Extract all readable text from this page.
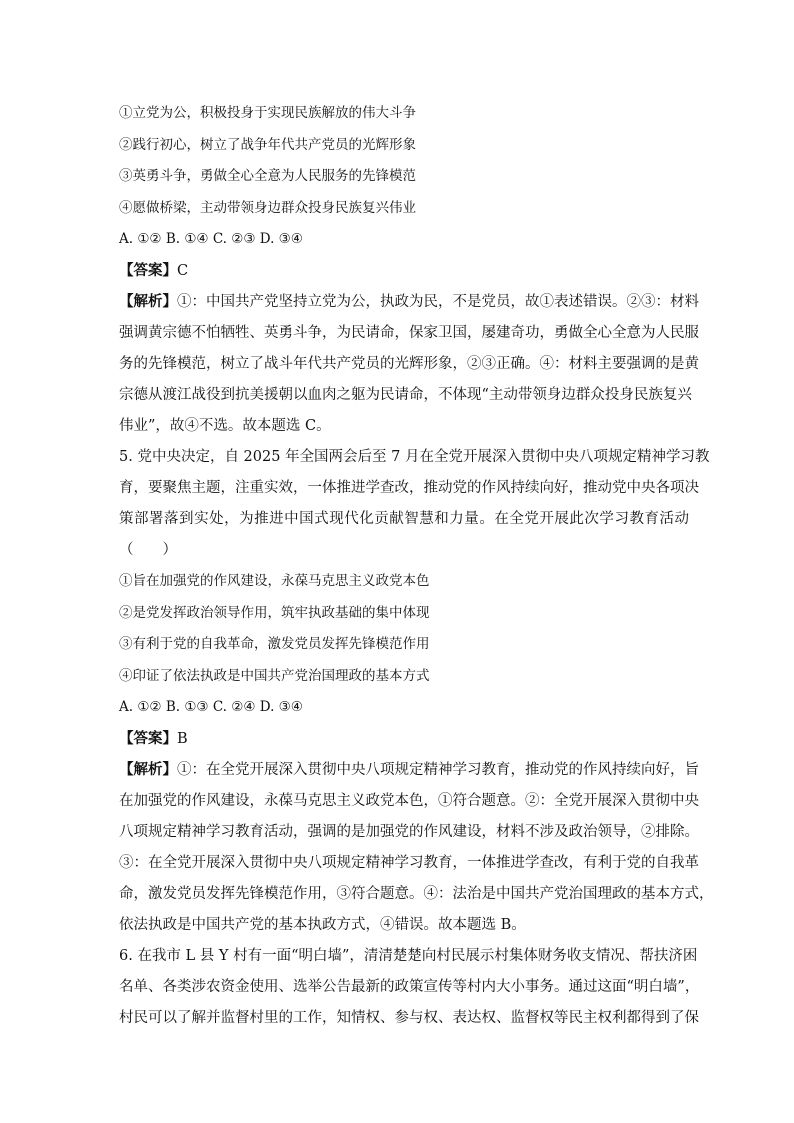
①立党为公，积极投身于实现民族解放的伟大斗争
②践行初心，树立了战争年代共产党员的光辉形象
③英勇斗争，勇做全心全意为人民服务的先锋模范
④愿做桥梁，主动带领身边群众投身民族复兴伟业
A. ①② B. ①④ C. ②③ D. ③④
【答案】C
【解析】①：中国共产党坚持立党为公，执政为民，不是党员，故①表述错误。②③：材料
强调黄宗德不怕牺牲、英勇斗争，为民请命，保家卫国，屡建奇功，勇做全心全意为人民服
务的先锋模范，树立了战斗年代共产党员的光辉形象，②③正确。④：材料主要强调的是黄
宗德从渡江战役到抗美援朝以血肉之躯为民请命，不体现“主动带领身边群众投身民族复兴
伟业”，故④不选。故本题选 C。
5. 党中央决定，自 2025 年全国两会后至 7 月在全党开展深入贯彻中央八项规定精神学习教
育，要聚焦主题，注重实效，一体推进学查改，推动党的作风持续向好，推动党中央各项决
策部署落到实处，为推进中国式现代化贡献智慧和力量。在全党开展此次学习教育活动
（　　）
①旨在加强党的作风建设，永葆马克思主义政党本色
②是党发挥政治领导作用，筑牢执政基础的集中体现
③有利于党的自我革命，激发党员发挥先锋模范作用
④印证了依法执政是中国共产党治国理政的基本方式
A. ①② B. ①③ C. ②④ D. ③④
【答案】B
【解析】①：在全党开展深入贯彻中央八项规定精神学习教育，推动党的作风持续向好，旨
在加强党的作风建设，永葆马克思主义政党本色，①符合题意。②：全党开展深入贯彻中央
八项规定精神学习教育活动，强调的是加强党的作风建设，材料不涉及政治领导，②排除。
③：在全党开展深入贯彻中央八项规定精神学习教育，一体推进学查改，有利于党的自我革
命，激发党员发挥先锋模范作用，③符合题意。④：法治是中国共产党治国理政的基本方式，
依法执政是中国共产党的基本执政方式，④错误。故本题选 B。
6. 在我市 L 县 Y 村有一面“明白墙”，清清楚楚向村民展示村集体财务收支情况、帮扶济困
名单、各类涉农资金使用、选举公告最新的政策宣传等村内大小事务。通过这面“明白墙”，
村民可以了解并监督村里的工作，知情权、参与权、表达权、监督权等民主权利都得到了保
